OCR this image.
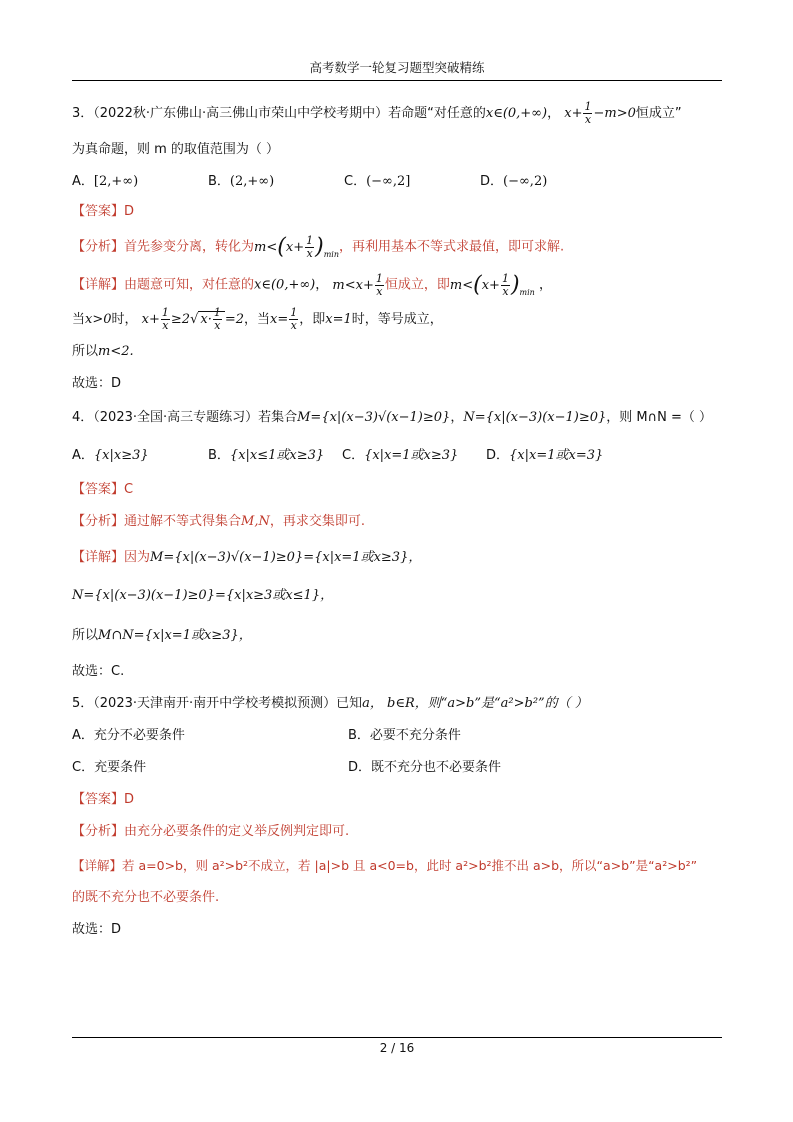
高考数学一轮复习题型突破精练
3．（2022秋·广东佛山·高三佛山市荣山中学校考期中）若命题“对任意的x∈(0,+∞)， $x+ \frac{1}{x} -m>0$恒成立”
为真命题，则 m 的取值范围为（ ）
A．[2,+∞)	B．(2,+∞)	C．(−∞,2]	D．(−∞,2)
【答案】D
【分析】首先参变分离，转化为$m<(x+ \frac{1}{x} )_{min}$，再利用基本不等式求最值，即可求解.
【详解】由题意可知，对任意的x∈(0,+∞)， $m<x+ \frac{1}{x}$ 恒成立，即$m<(x+ \frac{1}{x} )_{min}$ ，
当x>0时， $x+ \frac{1}{x} \ge 2√$ $x\cdot \frac{1}{x} =2$，当$x= \frac{1}{x}$ ，即x=1时，等号成立，
所以m<2.
故选：D
4．（2023·全国·高三专题练习）若集合M={x|(x−3)√(x−1)≥0}，N={x|(x−3)(x−1)≥0}，则 M∩N =（ ）
A．{x|x≥3}	B．{x|x≤1或x≥3} C．{x|x=1或x≥3} D．{x|x=1或x=3}
【答案】C
【分析】通过解不等式得集合M,N，再求交集即可.
【详解】因为M={x|(x−3)√(x−1)≥0}={x|x=1或x≥3}，
N={x|(x−3)(x−1)≥0}={x|x≥3或x≤1}，
所以M∩N={x|x=1或x≥3}，
故选：C.
5．（2023·天津南开·南开中学校考模拟预测）已知a， b∈R，则“a>b”是“a²>b²”的（ ）
A．充分不必要条件	B．必要不充分条件
C．充要条件	D．既不充分也不必要条件
【答案】D
【分析】由充分必要条件的定义举反例判定即可.
【详解】若 a=0>b，则 a²>b²不成立，若 |a|>b 且 a<0=b，此时 a²>b²推不出 a>b，所以“a>b”是“a²>b²”
的既不充分也不必要条件.
故选：D
2 / 16
